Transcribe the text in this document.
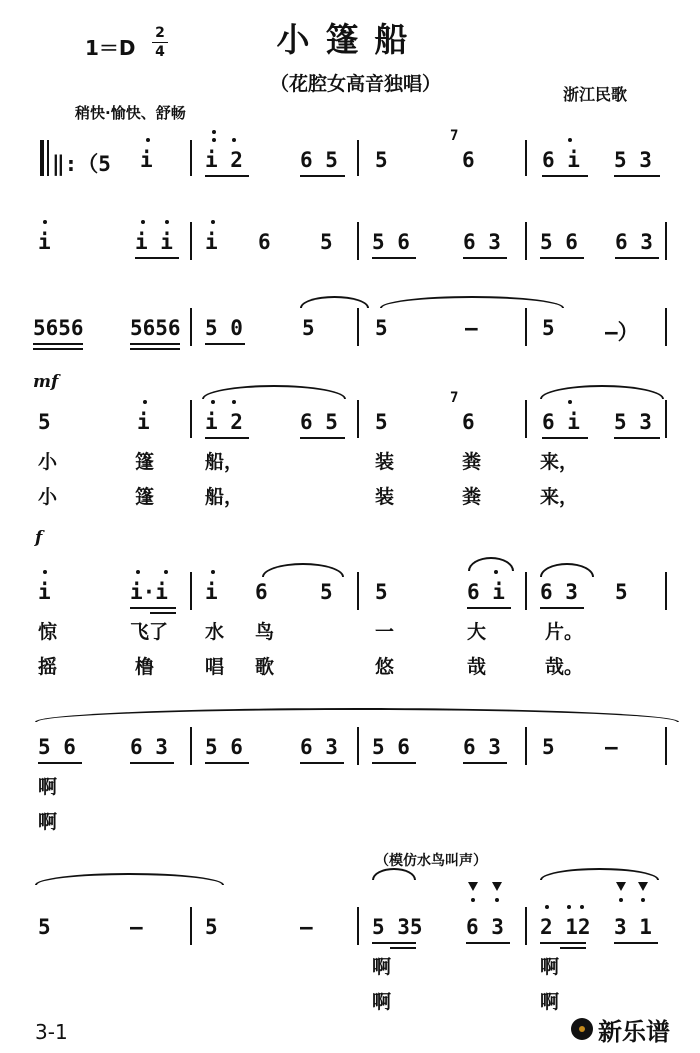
小篷船
$1=D \frac{2}{4}$
（花腔女高音独唱）	浙江民歌
稍快·愉快、舒畅
‖:（5 i i 2	6 5 5
7
6	6 i 5 3
i	i i i 6 5 5 6	6 3 5 6 6 3
5656 5656 5 0	5	5	—	5 —）
mf
5	i	i 2	6 5 5
7
6	6 i 5 3
小	篷	船，	装	粪	来，
小	篷	船，	装	粪	来，
f
i	i·i i 6 5 5	6 i 6 3 5
惊	飞了 水 鸟	一	大	片。
摇	橹	唱 歌	悠	哉	哉。
5 6	6 3 5 6	6 3 5 6	6 3 5 —
啊
啊
（模仿水鸟叫声）
5	—	5	—	5 35 6 3 2 12 3 1
啊	啊
啊	啊
3-1	新乐谱
